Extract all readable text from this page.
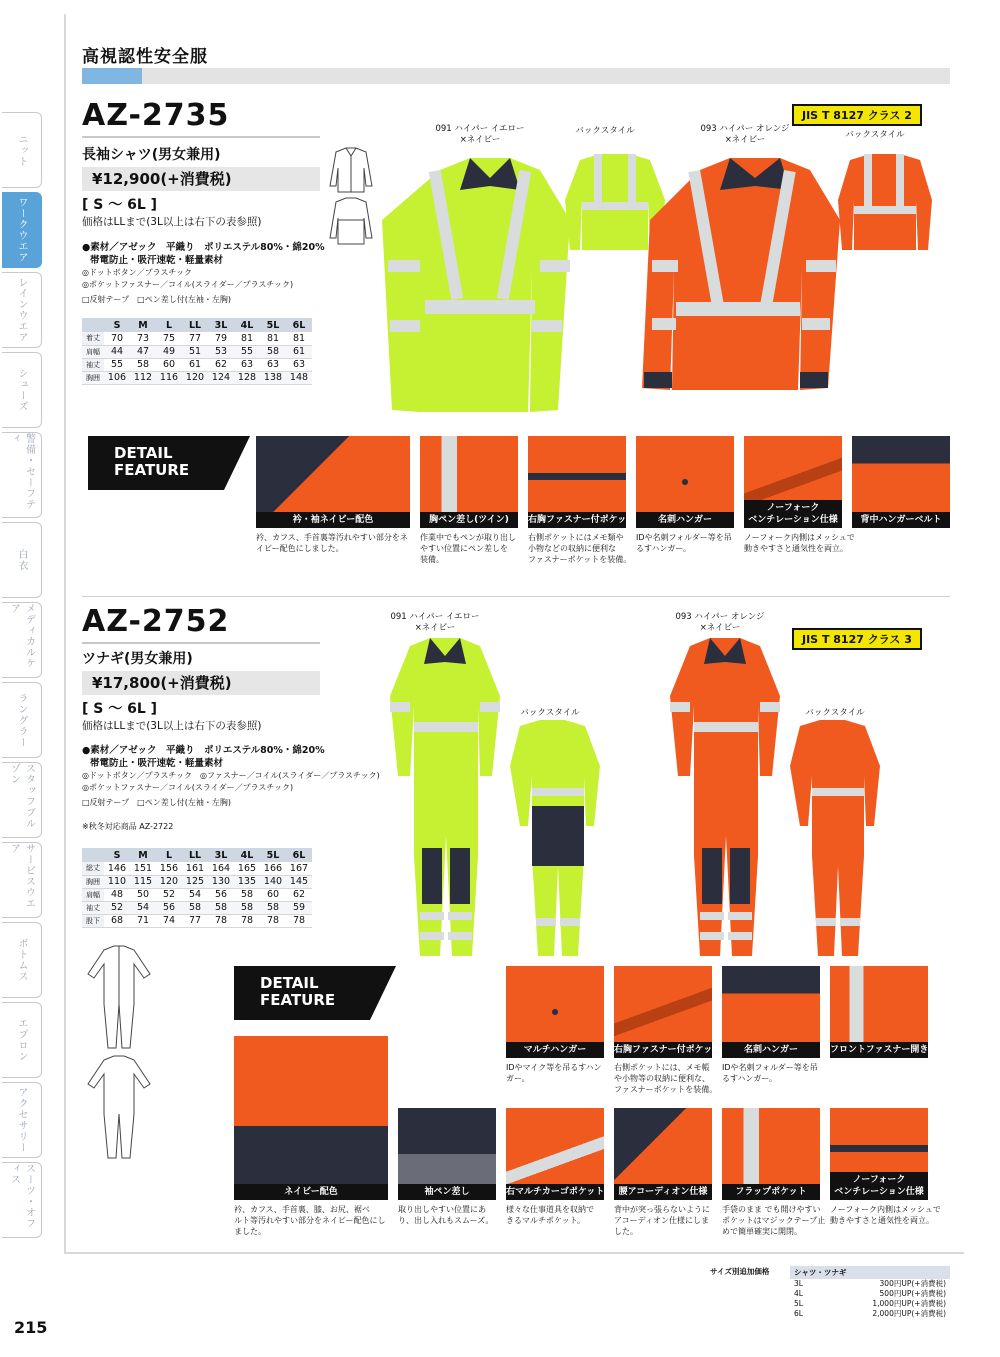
ニット
ワークウエア
レインウエア
シューズ
警備・セーフティ
白衣
メディカルケア
ラングラー
スタッフブルゾン
サービスウエア
ボトムス
エプロン
アクセサリー
スーツ・オフィス
215
高視認性安全服
AZ-2735
長袖シャツ(男女兼用)
¥12,900(+消費税)
[ S ～ 6L ]
価格はLLまで(3L以上は右下の表参照)
●素材／アゼック　平織り　ポリエステル80%・綿20%
帯電防止・吸汗速乾・軽量素材
◎ドットボタン／プラスチック
◎ポケットファスナー／コイル(スライダー／プラスチック)
□反射テープ　□ペン差し付(左袖・左胸)
	S	M	L	LL	3L	4L	5L	6L
着丈	70	73	75	77	79	81	81	81
肩幅	44	47	49	51	53	55	58	61
袖丈	55	58	60	61	62	63	63	63
胸囲	106	112	116	120	124	128	138	148
091 ハイパー イエロー
×ネイビー
バックスタイル	093 ハイパー オレンジ
×ネイビー	バックスタイル
JIS T 8127 クラス 2
DETAIL
FEATURE
衿・袖ネイビー配色
衿、カフス、手首裏等汚れやすい部分をネ
イビー配色にしました。
胸ペン差し(ツイン)
作業中でもペンが取り出し
やすい位置にペン差しを
装備。
右胸ファスナー付ポケット
右側ポケットにはメモ類や
小物などの収納に便利な
ファスナーポケットを装備。
名刺ハンガー
IDや名刺フォルダー等を吊
るすハンガー。
ノーフォーク
ベンチレーション仕様
ノーフォーク内側はメッシュで
動きやすさと通気性を両立。
背中ハンガーベルト
AZ-2752
ツナギ(男女兼用)
¥17,800(+消費税)
[ S ～ 6L ]
価格はLLまで(3L以上は右下の表参照)
●素材／アゼック　平織り　ポリエステル80%・綿20%
帯電防止・吸汗速乾・軽量素材
◎ドットボタン／プラスチック　◎ファスナー／コイル(スライダー／プラスチック)
◎ポケットファスナー／コイル(スライダー／プラスチック)
□反射テープ　□ペン差し付(左袖・左胸)
※秋冬対応商品 AZ-2722
	S	M	L	LL	3L	4L	5L	6L
総丈	146	151	156	161	164	165	166	167
胸囲	110	115	120	125	130	135	140	145
肩幅	48	50	52	54	56	58	60	62
袖丈	52	54	56	58	58	58	58	59
股下	68	71	74	77	78	78	78	78
091 ハイパー イエロー
×ネイビー
バックスタイル
093 ハイパー オレンジ
×ネイビー
バックスタイル
JIS T 8127 クラス 3
DETAIL
FEATURE
マルチハンガー
IDやマイク等を吊るすハン
ガー。
右胸ファスナー付ポケット
右側ポケットには、メモ帳
や小物等の収納に便利な、
ファスナーポケットを装備。
名刺ハンガー
IDや名刺フォルダー等を吊
るすハンガー。
フロントファスナー開き
ネイビー配色
衿、カフス、手首裏、膝、お尻、裾ベ
ルト等汚れやすい部分をネイビー配色にし
ました。
袖ペン差し
取り出しやすい位置にあ
り、出し入れもスムーズ。
右マルチカーゴポケット
様々な仕事道具を収納で
きるマルチポケット。
腰アコーディオン仕様
背中が突っ張らないように
アコーディオン仕様にしま
した。
フラップポケット
手袋のまま でも開けやすい
ポケットはマジックテープ止
めで簡単確実に開閉。
ノーフォーク
ベンチレーション仕様
ノーフォーク内側はメッシュで
動きやすさと通気性を両立。
サイズ別追加価格	シャツ・ツナギ
3L	300円UP(+消費税)
4L	500円UP(+消費税)
5L	1,000円UP(+消費税)
6L	2,000円UP(+消費税)
